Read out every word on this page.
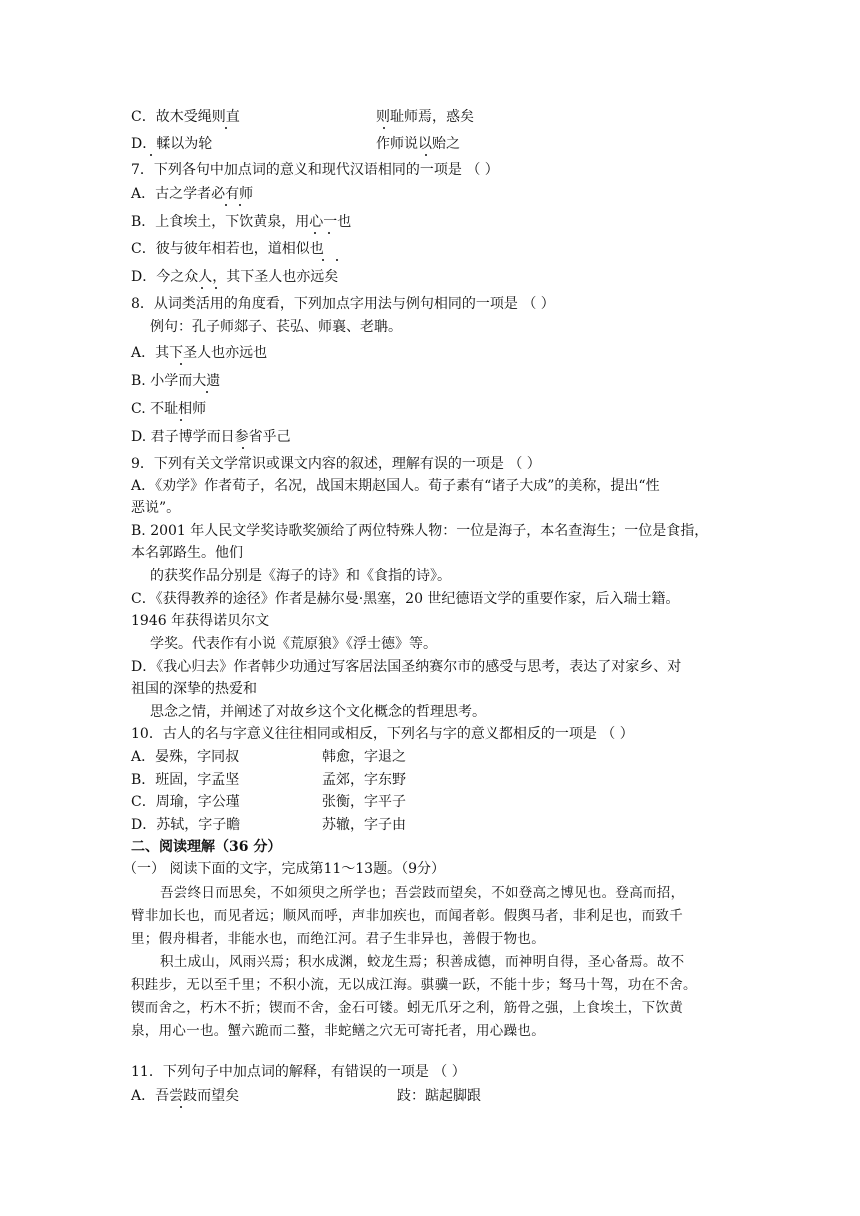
C．故木受绳则直	则耻师焉，惑矣
D．輮以为轮	作师说以贻之
7．下列各句中加点词的意义和现代汉语相同的一项是 （ ）
A．古之学者必有师
B．上食埃土，下饮黄泉，用心一也
C．彼与彼年相若也，道相似也
D．今之众人，其下圣人也亦远矣
8．从词类活用的角度看，下列加点字用法与例句相同的一项是 （ ）
例句：孔子师郯子、苌弘、师襄、老聃。
A．其下圣人也亦远也
B. 小学而大遗
C. 不耻相师
D. 君子博学而日参省乎己
9．下列有关文学常识或课文内容的叙述，理解有误的一项是 （ ）
A．《劝学》作者荀子，名况，战国末期赵国人。荀子素有“诸子大成”的美称，提出“性
恶说”。
B. 2001 年人民文学奖诗歌奖颁给了两位特殊人物：一位是海子，本名查海生；一位是食指，
本名郭路生。他们
的获奖作品分别是《海子的诗》和《食指的诗》。
C．《获得教养的途径》作者是赫尔曼·黑塞，20 世纪德语文学的重要作家，后入瑞士籍。
1946 年获得诺贝尔文
学奖。代表作有小说《荒原狼》《浮士德》等。
D．《我心归去》作者韩少功通过写客居法国圣纳赛尔市的感受与思考，表达了对家乡、对
祖国的深挚的热爱和
思念之情，并阐述了对故乡这个文化概念的哲理思考。
10．古人的名与字意义往往相同或相反，下列名与字的意义都相反的一项是 （ ）
A．晏殊，字同叔	韩愈，字退之
B．班固，字孟坚	孟郊，字东野
C．周瑜，字公瑾	张衡，字平子
D．苏轼，字子瞻	苏辙，字子由
二、阅读理解（36 分）
（一） 阅读下面的文字，完成第11～13题。（9分）
吾尝终日而思矣，不如须臾之所学也；吾尝跂而望矣，不如登高之博见也。登高而招，
臂非加长也，而见者远；顺风而呼，声非加疾也，而闻者彰。假舆马者，非利足也，而致千
里；假舟楫者，非能水也，而绝江河。君子生非异也，善假于物也。
积土成山，风雨兴焉；积水成渊，蛟龙生焉；积善成德，而神明自得，圣心备焉。故不
积跬步，无以至千里；不积小流，无以成江海。骐骥一跃，不能十步；驽马十驾，功在不舍。
锲而舍之，朽木不折；锲而不舍，金石可镂。蚓无爪牙之利，筋骨之强，上食埃土，下饮黄
泉，用心一也。蟹六跪而二螯，非蛇鳝之穴无可寄托者，用心躁也。
11．下列句子中加点词的解释，有错误的一项是 （ ）
A．吾尝跂而望矣	跂：踮起脚跟
